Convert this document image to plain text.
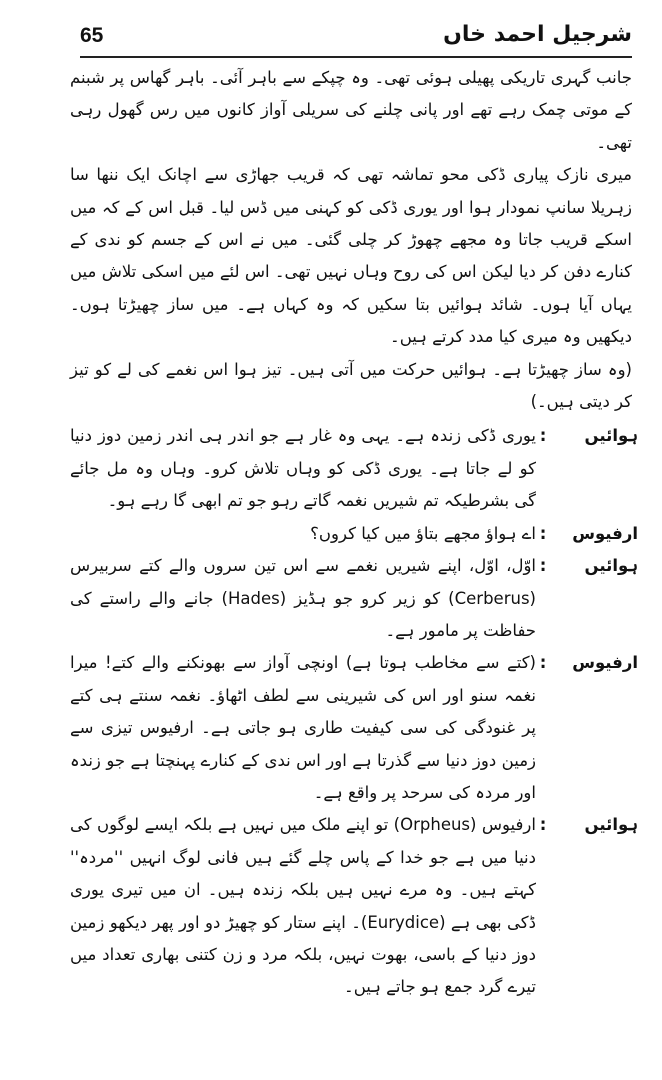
65	شرجیل احمد خاں

جانب گہری تاریکی پھیلی ہوئی تھی۔ وہ چپکے سے باہر آئی۔ باہر گھاس پر شبنم کے موتی چمک رہے تھے اور پانی چلنے کی سریلی آواز کانوں میں رس گھول رہی تھی۔

میری نازک پیاری ڈکی محو تماشہ تھی کہ قریب جھاڑی سے اچانک ایک ننھا سا زہریلا سانپ نمودار ہوا اور یوری ڈکی کو کہنی میں ڈس لیا۔ قبل اس کے کہ میں اسکے قریب جاتا وہ مجھے چھوڑ کر چلی گئی۔ میں نے اس کے جسم کو ندی کے کنارے دفن کر دیا لیکن اس کی روح وہاں نہیں تھی۔ اس لئے میں اسکی تلاش میں یہاں آیا ہوں۔ شائد ہوائیں بتا سکیں کہ وہ کہاں ہے۔ میں ساز چھیڑتا ہوں۔ دیکھیں وہ میری کیا مدد کرتے ہیں۔

(وہ ساز چھیڑتا ہے۔ ہوائیں حرکت میں آتی ہیں۔ تیز ہوا اس نغمے کی لے کو تیز کر دیتی ہیں۔)

ہوائیں
:

یوری ڈکی زندہ ہے۔ یہی وہ غار ہے جو اندر ہی اندر زمین دوز دنیا کو لے جاتا ہے۔ یوری ڈکی کو وہاں تلاش کرو۔ وہاں وہ مل جائے گی بشرطیکہ تم شیریں نغمہ گاتے رہو جو تم ابھی گا رہے ہو۔

ارفیوس
:

اے ہواؤ مجھے بتاؤ میں کیا کروں؟

ہوائیں
:

اوّل، اوّل، اپنے شیریں نغمے سے اس تین سروں والے کتے سربیرس (Cerberus) کو زیر کرو جو ہڈیز (Hades) جانے والے راستے کی حفاظت پر مامور ہے۔

ارفیوس
:

(کتے سے مخاطب ہوتا ہے) اونچی آواز سے بھونکنے والے کتے! میرا نغمہ سنو اور اس کی شیرینی سے لطف اٹھاؤ۔ نغمہ سنتے ہی کتے پر غنودگی کی سی کیفیت طاری ہو جاتی ہے۔ ارفیوس تیزی سے زمین دوز دنیا سے گذرتا ہے اور اس ندی کے کنارے پہنچتا ہے جو زندہ اور مردہ کی سرحد پر واقع ہے۔

ہوائیں
:

ارفیوس (Orpheus) تو اپنے ملک میں نہیں ہے بلکہ ایسے لوگوں کی دنیا میں ہے جو خدا کے پاس چلے گئے ہیں فانی لوگ انہیں ''مردہ'' کہتے ہیں۔ وہ مرے نہیں ہیں بلکہ زندہ ہیں۔ ان میں تیری یوری ڈکی بھی ہے (Eurydice)۔ اپنے ستار کو چھیڑ دو اور پھر دیکھو زمین دوز دنیا کے باسی، بھوت نہیں، بلکہ مرد و زن کتنی بھاری تعداد میں تیرے گرد جمع ہو جاتے ہیں۔
